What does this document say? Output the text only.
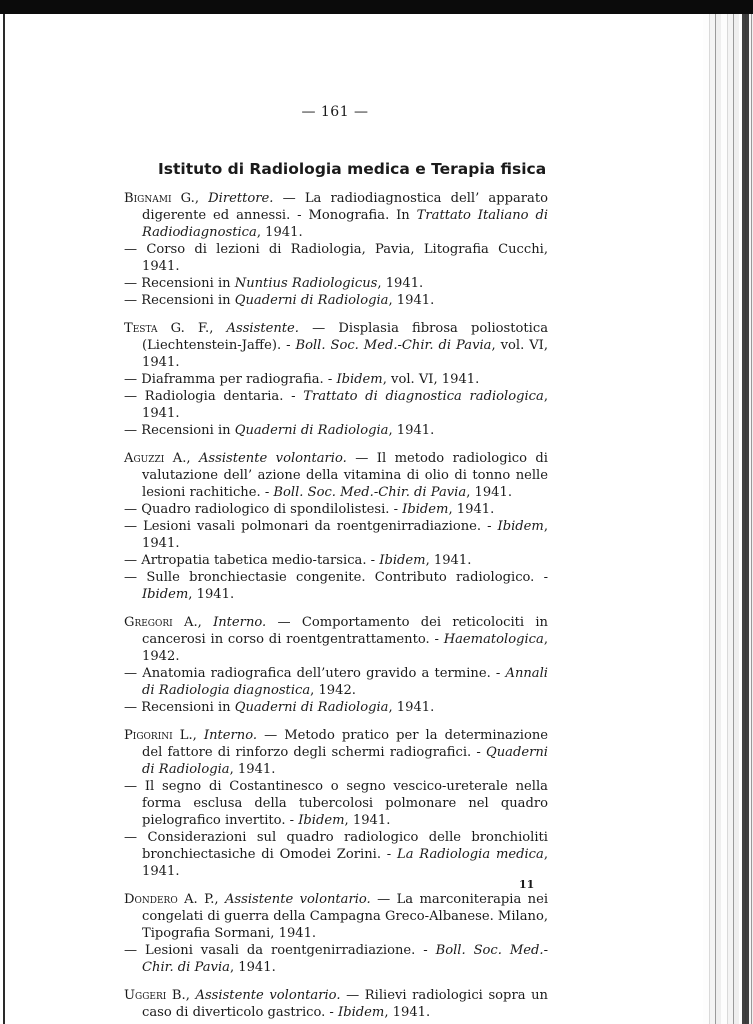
— 161 —
Istituto di Radiologia medica e Terapia fisica

Bignami G., Direttore. — La radiodiagnostica dell’ apparato digerente ed annessi. - Monografia. In Trattato Italiano di Radiodiagnostica, 1941.

— Corso di lezioni di Radiologia, Pavia, Litografia Cucchi, 1941.

— Recensioni in Nuntius Radiologicus, 1941.

— Recensioni in Quaderni di Radiologia, 1941.

Testa G. F., Assistente. — Displasia fibrosa poliostotica (Liechtenstein-Jaffe). - Boll. Soc. Med.-Chir. di Pavia, vol. VI, 1941.

— Diaframma per radiografia. - Ibidem, vol. VI, 1941.

— Radiologia dentaria. - Trattato di diagnostica radiologica, 1941.

— Recensioni in Quaderni di Radiologia, 1941.

Aguzzi A., Assistente volontario. — Il metodo radiologico di valutazione dell’ azione della vitamina di olio di tonno nelle lesioni rachitiche. - Boll. Soc. Med.-Chir. di Pavia, 1941.

— Quadro radiologico di spondilolistesi. - Ibidem, 1941.

— Lesioni vasali polmonari da roentgenirradiazione. - Ibidem, 1941.

— Artropatia tabetica medio-tarsica. - Ibidem, 1941.

— Sulle bronchiectasie congenite. Contributo radiologico. - Ibidem, 1941.

Gregori A., Interno. — Comportamento dei reticolociti in cancerosi in corso di roentgentrattamento. - Haematologica, 1942.

— Anatomia radiografica dell’utero gravido a termine. - Annali di Radiologia diagnostica, 1942.

— Recensioni in Quaderni di Radiologia, 1941.

Pigorini L., Interno. — Metodo pratico per la determinazione del fattore di rinforzo degli schermi radiografici. - Quaderni di Radiologia, 1941.

— Il segno di Costantinesco o segno vescico-ureterale nella forma esclusa della tubercolosi polmonare nel quadro pielografico invertito. - Ibidem, 1941.

— Considerazioni sul quadro radiologico delle bronchioliti bronchiectasiche di Omodei Zorini. - La Radiologia medica, 1941.

Dondero A. P., Assistente volontario. — La marconiterapia nei congelati di guerra della Campagna Greco-Albanese. Milano, Tipografia Sormani, 1941.

— Lesioni vasali da roentgenirradiazione. - Boll. Soc. Med.-Chir. di Pavia, 1941.

Uggeri B., Assistente volontario. — Rilievi radiologici sopra un caso di diverticolo gastrico. - Ibidem, 1941.

11
